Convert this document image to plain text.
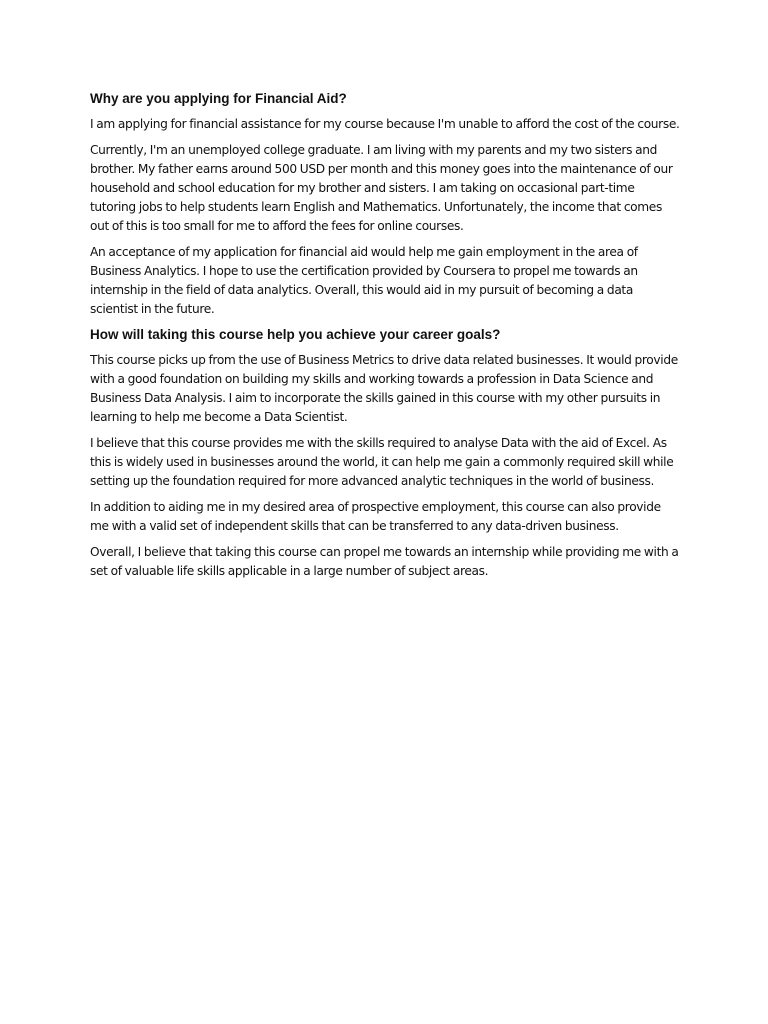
Why are you applying for Financial Aid?

I am applying for financial assistance for my course because I'm unable to afford the cost of the course.

Currently, I'm an unemployed college graduate. I am living with my parents and my two sisters and brother. My father earns around 500 USD per month and this money goes into the maintenance of our household and school education for my brother and sisters. I am taking on occasional part-time tutoring jobs to help students learn English and Mathematics. Unfortunately, the income that comes out of this is too small for me to afford the fees for online courses.

An acceptance of my application for financial aid would help me gain employment in the area of Business Analytics. I hope to use the certification provided by Coursera to propel me towards an internship in the field of data analytics. Overall, this would aid in my pursuit of becoming a data scientist in the future.

How will taking this course help you achieve your career goals?

This course picks up from the use of Business Metrics to drive data related businesses. It would provide with a good foundation on building my skills and working towards a profession in Data Science and Business Data Analysis. I aim to incorporate the skills gained in this course with my other pursuits in learning to help me become a Data Scientist.

I believe that this course provides me with the skills required to analyse Data with the aid of Excel. As this is widely used in businesses around the world, it can help me gain a commonly required skill while setting up the foundation required for more advanced analytic techniques in the world of business.

In addition to aiding me in my desired area of prospective employment, this course can also provide me with a valid set of independent skills that can be transferred to any data-driven business.

Overall, I believe that taking this course can propel me towards an internship while providing me with a set of valuable life skills applicable in a large number of subject areas.
